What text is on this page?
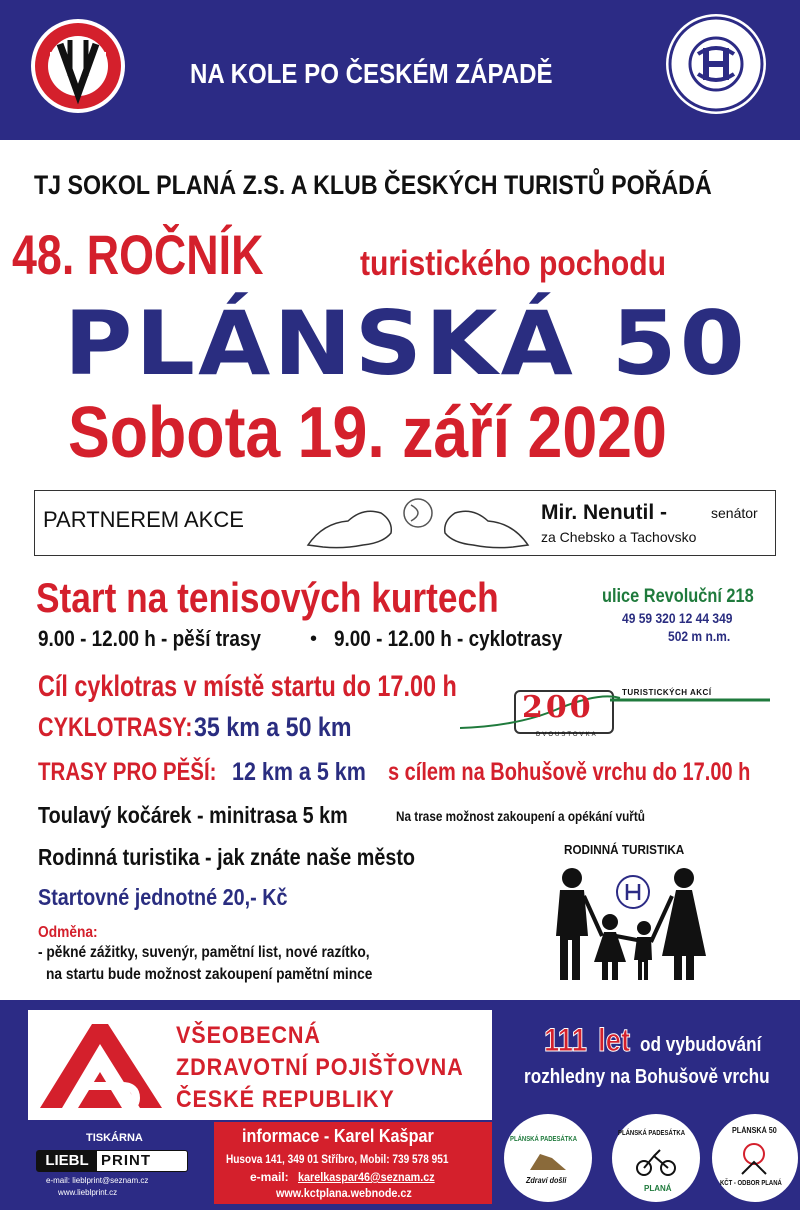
NA KOLE PO ČESKÉM ZÁPADĚ
TJ SOKOL PLANÁ Z.S. A KLUB ČESKÝCH TURISTŮ POŘÁDÁ
48. ROČNÍK	turistického pochodu
PLÁNSKÁ 50
Sobota 19. září 2020
PARTNEREM AKCE	Mir. Nenutil -	senátor
za Chebsko a Tachovsko
Start na tenisových kurtech	ulice Revoluční 218
49 59 320 12 44 349
502 m n.m.
9.00 - 12.00 h - pěší trasy • 9.00 - 12.00 h - cyklotrasy
Cíl cyklotras v místě startu do 17.00 h
CYKLOTRASY: 35 km a 50 km
200	TURISTICKÝCH AKCÍ
DVOUSTOVKA
TRASY PRO PĚŠÍ: 12 km a 5 km s cílem na Bohušově vrchu do 17.00 h
Toulavý kočárek - minitrasa 5 km	Na trase možnost zakoupení a opékání vuřtů
Rodinná turistika - jak znáte naše město
Startovné jednotné 20,- Kč
Odměna:
- pěkné zážitky, suvenýr, pamětní list, nové razítko,
na startu bude možnost zakoupení pamětní mince
RODINNÁ TURISTIKA
VŠEOBECNÁ
ZDRAVOTNÍ POJIŠŤOVNA
ČESKÉ REPUBLIKY
111 let od vybudování
rozhledny na Bohušově vrchu
TISKÁRNA
LIEBL PRINT
e-mail: lieblprint@seznam.cz
www.lieblprint.cz
informace - Karel Kašpar
Husova 141, 349 01 Stříbro, Mobil: 739 578 951
e-mail: karelkaspar46@seznam.cz
www.kctplana.webnode.cz
PLÁNSKÁ PADESÁTKA
Zdraví došli
PLÁNSKÁ PADESÁTKA
PLANÁ
PLÁNSKÁ 50
KČT - ODBOR PLANÁ
